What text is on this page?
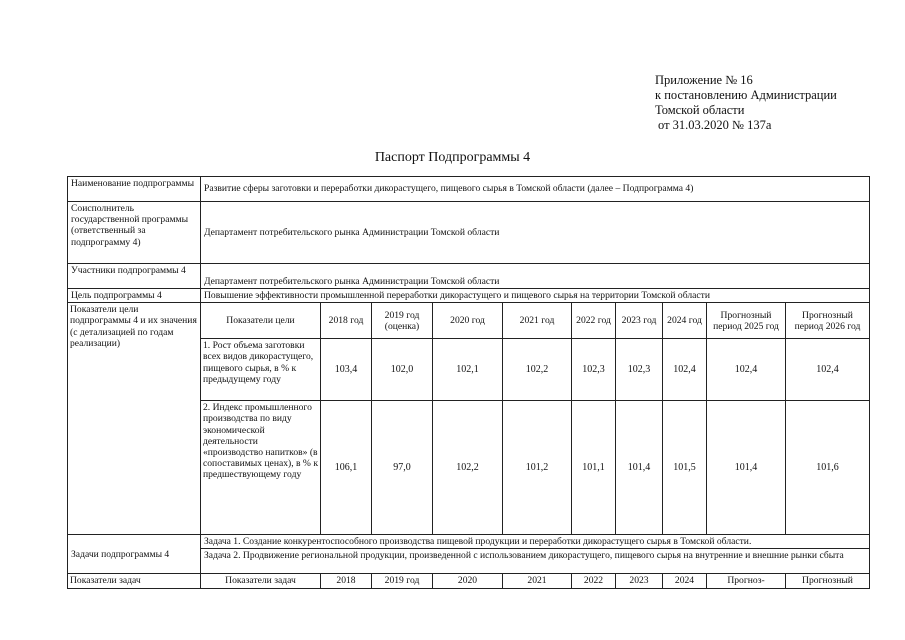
Приложение № 16
к постановлению Администрации
Томской области
от 31.03.2020 № 137а
Паспорт Подпрограммы 4
Наименование подпрограммы	Развитие сферы заготовки и переработки дикорастущего, пищевого сырья в Томской области (далее – Подпрограмма 4)									
Соисполнитель государственной программы (ответственный за подпрограмму 4)	Департамент потребительского рынка Администрации Томской области									
Участники подпрограммы 4	Департамент потребительского рынка Администрации Томской области									
Цель подпрограммы 4	Повышение эффективности промышленной переработки дикорастущего и пищевого сырья на территории Томской области									
Показатели цели подпрограммы 4 и их значения (с детализацией по годам реализации)	Показатели цели	2018 год	2019 год (оценка)	2020 год	2021 год	2022 год	2023 год	2024 год	Прогнозный период 2025 год	Прогнозный период 2026 год
	1. Рост объема заготовки всех видов дикорастущего, пищевого сырья, в % к предыдущему году	103,4	102,0	102,1	102,2	102,3	102,3	102,4	102,4	102,4
	2. Индекс промышленного производства по виду экономической деятельности «производство напитков» (в сопоставимых ценах), в % к предшествующему году	106,1	97,0	102,2	101,2	101,1	101,4	101,5	101,4	101,6
Задачи подпрограммы 4	Задача 1. Создание конкурентоспособного производства пищевой продукции и переработки дикорастущего сырья в Томской области.									
	Задача 2. Продвижение региональной продукции, произведенной с использованием дикорастущего, пищевого сырья на внутренние и внешние рынки сбыта									
Показатели задач	Показатели задач	2018	2019 год	2020	2021	2022	2023	2024	Прогноз-	Прогнозный
